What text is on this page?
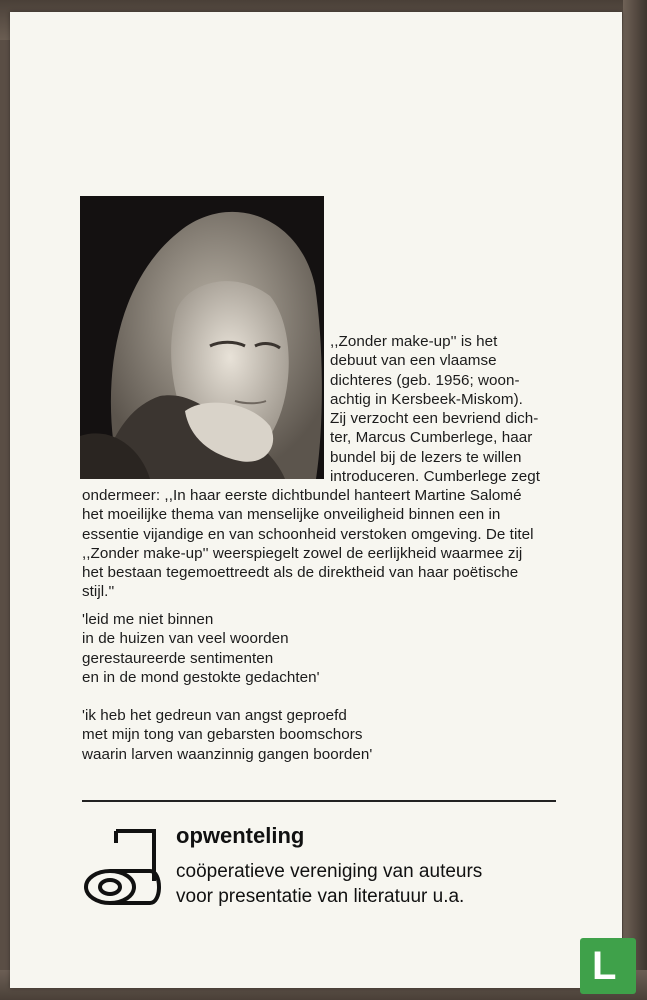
,,Zonder make-up'' is het
debuut van een vlaamse
dichteres (geb. 1956; woon-
achtig in Kersbeek-Miskom).
Zij verzocht een bevriend dich-
ter, Marcus Cumberlege, haar
bundel bij de lezers te willen
introduceren. Cumberlege zegt
ondermeer: ,,In haar eerste dichtbundel hanteert Martine Salomé
het moeilijke thema van menselijke onveiligheid binnen een in
essentie vijandige en van schoonheid verstoken omgeving. De titel
,,Zonder make-up'' weerspiegelt zowel de eerlijkheid waarmee zij
het bestaan tegemoettreedt als de direktheid van haar poëtische
stijl.''
'leid me niet binnen
in de huizen van veel woorden
gerestaureerde sentimenten
en in de mond gestokte gedachten'
'ik heb het gedreun van angst geproefd
met mijn tong van gebarsten boomschors
waarin larven waanzinnig gangen boorden'
opwenteling
coöperatieve vereniging van auteurs
voor presentatie van literatuur u.a.
L
